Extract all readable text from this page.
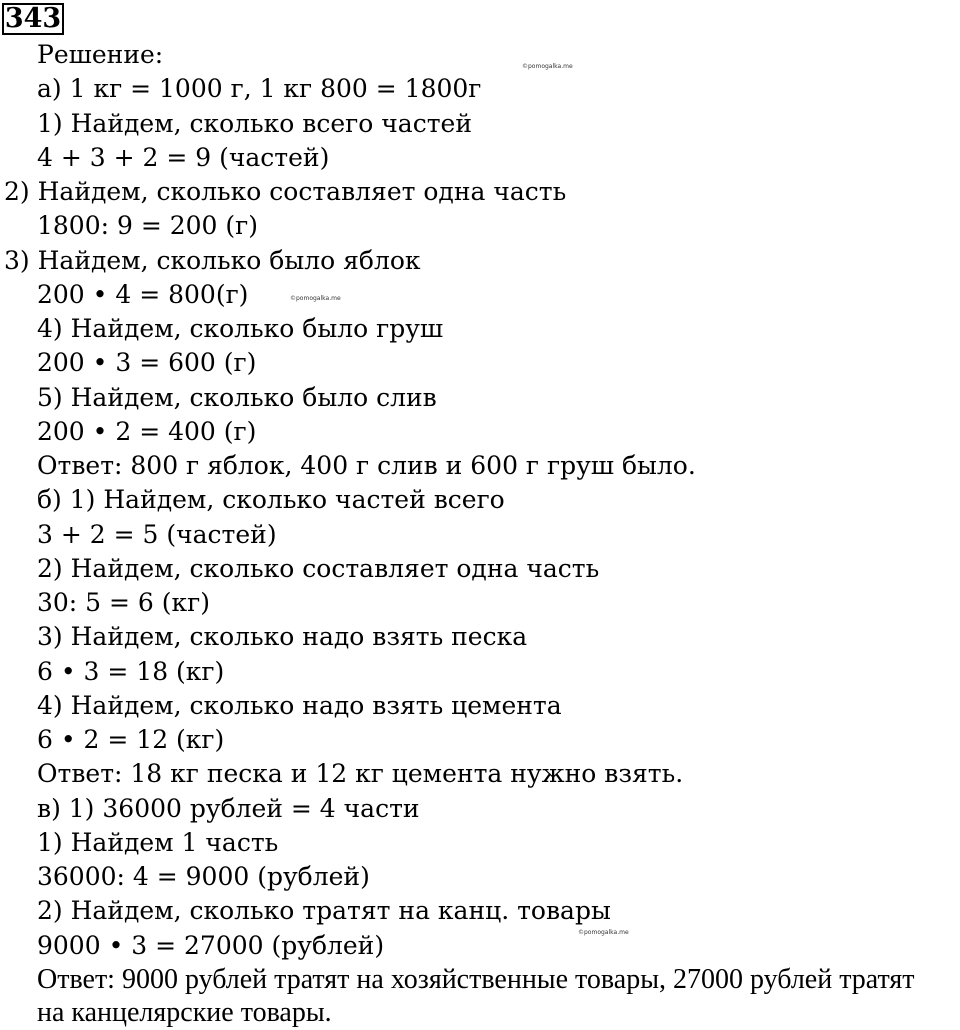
343
Решение:
а) 1 кг = 1000 г, 1 кг 800 = 1800г
1) Найдем, сколько всего частей
4 + 3 + 2 = 9 (частей)
2) Найдем, сколько составляет одна часть
1800: 9 = 200 (г)
3) Найдем, сколько было яблок
200 • 4 = 800(г)
4) Найдем, сколько было груш
200 • 3 = 600 (г)
5) Найдем, сколько было слив
200 • 2 = 400 (г)
Ответ: 800 г яблок, 400 г слив и 600 г груш было.
б) 1) Найдем, сколько частей всего
3 + 2 = 5 (частей)
2) Найдем, сколько составляет одна часть
30: 5 = 6 (кг)
3) Найдем, сколько надо взять песка
6 • 3 = 18 (кг)
4) Найдем, сколько надо взять цемента
6 • 2 = 12 (кг)
Ответ: 18 кг песка и 12 кг цемента нужно взять.
в) 1) 36000 рублей = 4 части
1) Найдем 1 часть
36000: 4 = 9000 (рублей)
2) Найдем, сколько тратят на канц. товары
9000 • 3 = 27000 (рублей)
Ответ: 9000 рублей тратят на хозяйственные товары, 27000 рублей тратят
на канцелярские товары.
©pomogalka.me
©pomogalka.me
©pomogalka.me
